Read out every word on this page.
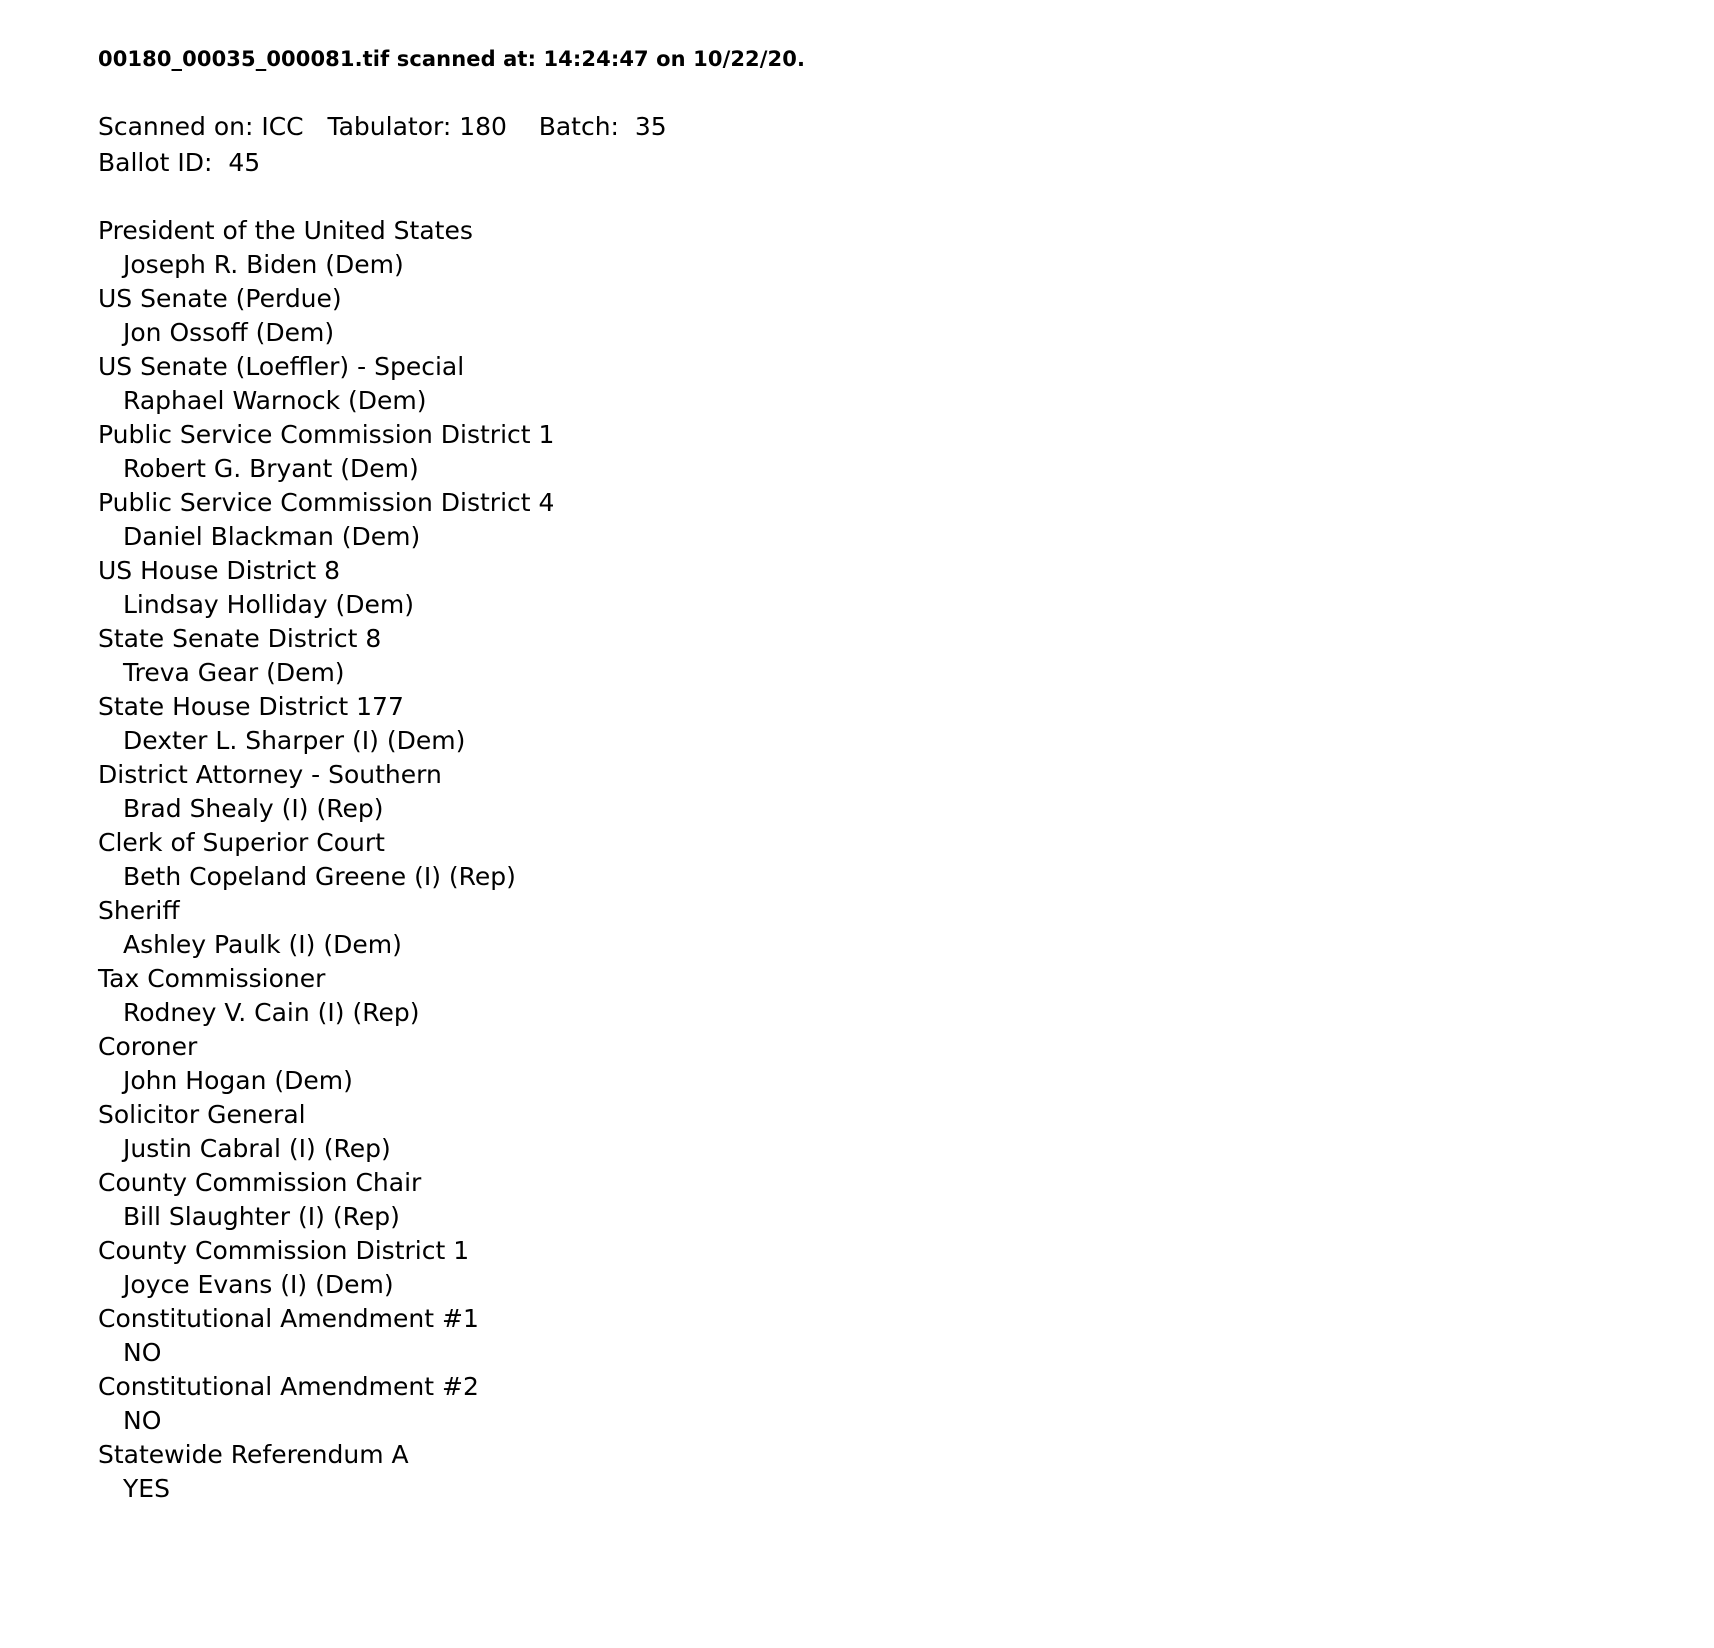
00180_00035_000081.tif scanned at: 14:24:47 on 10/22/20.
Scanned on: ICC   Tabulator: 180    Batch:  35
Ballot ID:  45
President of the United States
Joseph R. Biden (Dem)
US Senate (Perdue)
Jon Ossoff (Dem)
US Senate (Loeffler) - Special
Raphael Warnock (Dem)
Public Service Commission District 1
Robert G. Bryant (Dem)
Public Service Commission District 4
Daniel Blackman (Dem)
US House District 8
Lindsay Holliday (Dem)
State Senate District 8
Treva Gear (Dem)
State House District 177
Dexter L. Sharper (I) (Dem)
District Attorney - Southern
Brad Shealy (I) (Rep)
Clerk of Superior Court
Beth Copeland Greene (I) (Rep)
Sheriff
Ashley Paulk (I) (Dem)
Tax Commissioner
Rodney V. Cain (I) (Rep)
Coroner
John Hogan (Dem)
Solicitor General
Justin Cabral (I) (Rep)
County Commission Chair
Bill Slaughter (I) (Rep)
County Commission District 1
Joyce Evans (I) (Dem)
Constitutional Amendment #1
NO
Constitutional Amendment #2
NO
Statewide Referendum A
YES
